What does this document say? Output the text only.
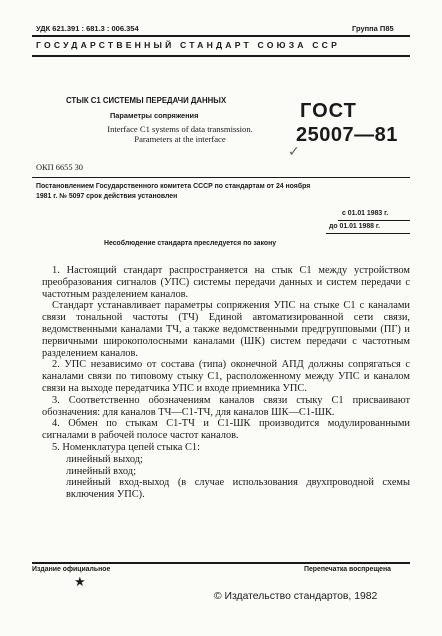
УДК 621.391 : 681.3 : 006.354	Группа П85
ГОСУДАРСТВЕННЫЙ СТАНДАРТ СОЮЗА ССР
СТЫК С1 СИСТЕМЫ ПЕРЕДАЧИ ДАННЫХ
Параметры сопряжения
Interface C1 systems of data transmission. Parameters at the interface
ГОСТ
25007—81
✓
ОКП 6655 30
Постановлением Государственного комитета СССР по стандартам от 24 ноября
1981 г. № 5097 срок действия установлен
с 01.01 1983 г.
до 01.01 1988 г.
Несоблюдение стандарта преследуется по закону

1. Настоящий стандарт распространяется на стык С1 между устройством преобразования сигналов (УПС) системы передачи данных и систем передачи с частотным разделением каналов.

Стандарт устанавливает параметры сопряжения УПС на стыке С1 с каналами связи тональной частоты (ТЧ) Единой автоматизированной сети связи, ведомственными каналами ТЧ, а также ведомственными предгрупповыми (ПГ) и первичными широкополосными каналами (ШК) систем передачи с частотным разделением каналов.

2. УПС независимо от состава (типа) оконечной АПД должны сопрягаться с каналами связи по типовому стыку С1, расположенному между УПС и каналом связи на выходе передатчика УПС и входе приемника УПС.

3. Соответственно обозначениям каналов связи стыку С1 присваивают обозначения: для каналов ТЧ—С1-ТЧ, для каналов ШК—С1-ШК.

4. Обмен по стыкам С1-ТЧ и С1-ШК производится модулированными сигналами в рабочей полосе частот каналов.

5. Номенклатура цепей стыка С1:

линейный выход;

линейный вход;

линейный вход-выход (в случае использования двухпроводной схемы включения УПС).

Издание официальное	Перепечатка воспрещена
★
© Издательство стандартов, 1982
